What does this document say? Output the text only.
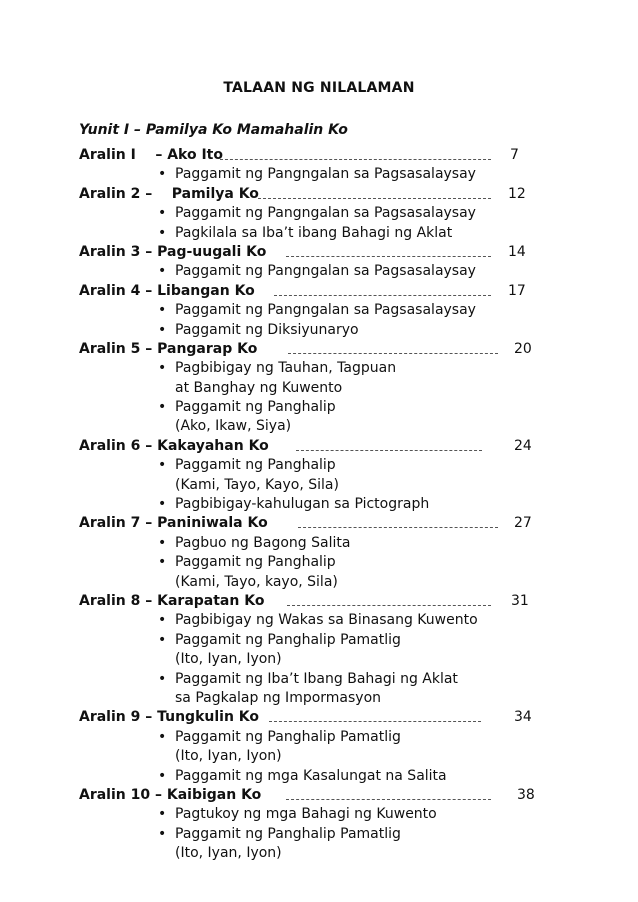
TALAAN NG NILALAMAN
Yunit I – Pamilya Ko Mamahalin Ko
Aralin I    – Ako Ito	7
• Paggamit ng Pangngalan sa Pagsasalaysay
Aralin 2 –    Pamilya Ko	12
• Paggamit ng Pangngalan sa Pagsasalaysay
• Pagkilala sa Iba’t ibang Bahagi ng Aklat
Aralin 3 – Pag-uugali Ko	14
• Paggamit ng Pangngalan sa Pagsasalaysay
Aralin 4 – Libangan Ko	17
• Paggamit ng Pangngalan sa Pagsasalaysay
• Paggamit ng Diksiyunaryo
Aralin 5 – Pangarap Ko	20
• Pagbibigay ng Tauhan, Tagpuan
at Banghay ng Kuwento
• Paggamit ng Panghalip
(Ako, Ikaw, Siya)
Aralin 6 – Kakayahan Ko	24
• Paggamit ng Panghalip
(Kami, Tayo, Kayo, Sila)
• Pagbibigay-kahulugan sa Pictograph
Aralin 7 – Paniniwala Ko	27
• Pagbuo ng Bagong Salita
• Paggamit ng Panghalip
(Kami, Tayo, kayo, Sila)
Aralin 8 – Karapatan Ko	31
• Pagbibigay ng Wakas sa Binasang Kuwento
• Paggamit ng Panghalip Pamatlig
(Ito, Iyan, Iyon)
• Paggamit ng Iba’t Ibang Bahagi ng Aklat
sa Pagkalap ng Impormasyon
Aralin 9 – Tungkulin Ko	34
• Paggamit ng Panghalip Pamatlig
(Ito, Iyan, Iyon)
• Paggamit ng mga Kasalungat na Salita
Aralin 10 – Kaibigan Ko	38
• Pagtukoy ng mga Bahagi ng Kuwento
• Paggamit ng Panghalip Pamatlig
(Ito, Iyan, Iyon)
